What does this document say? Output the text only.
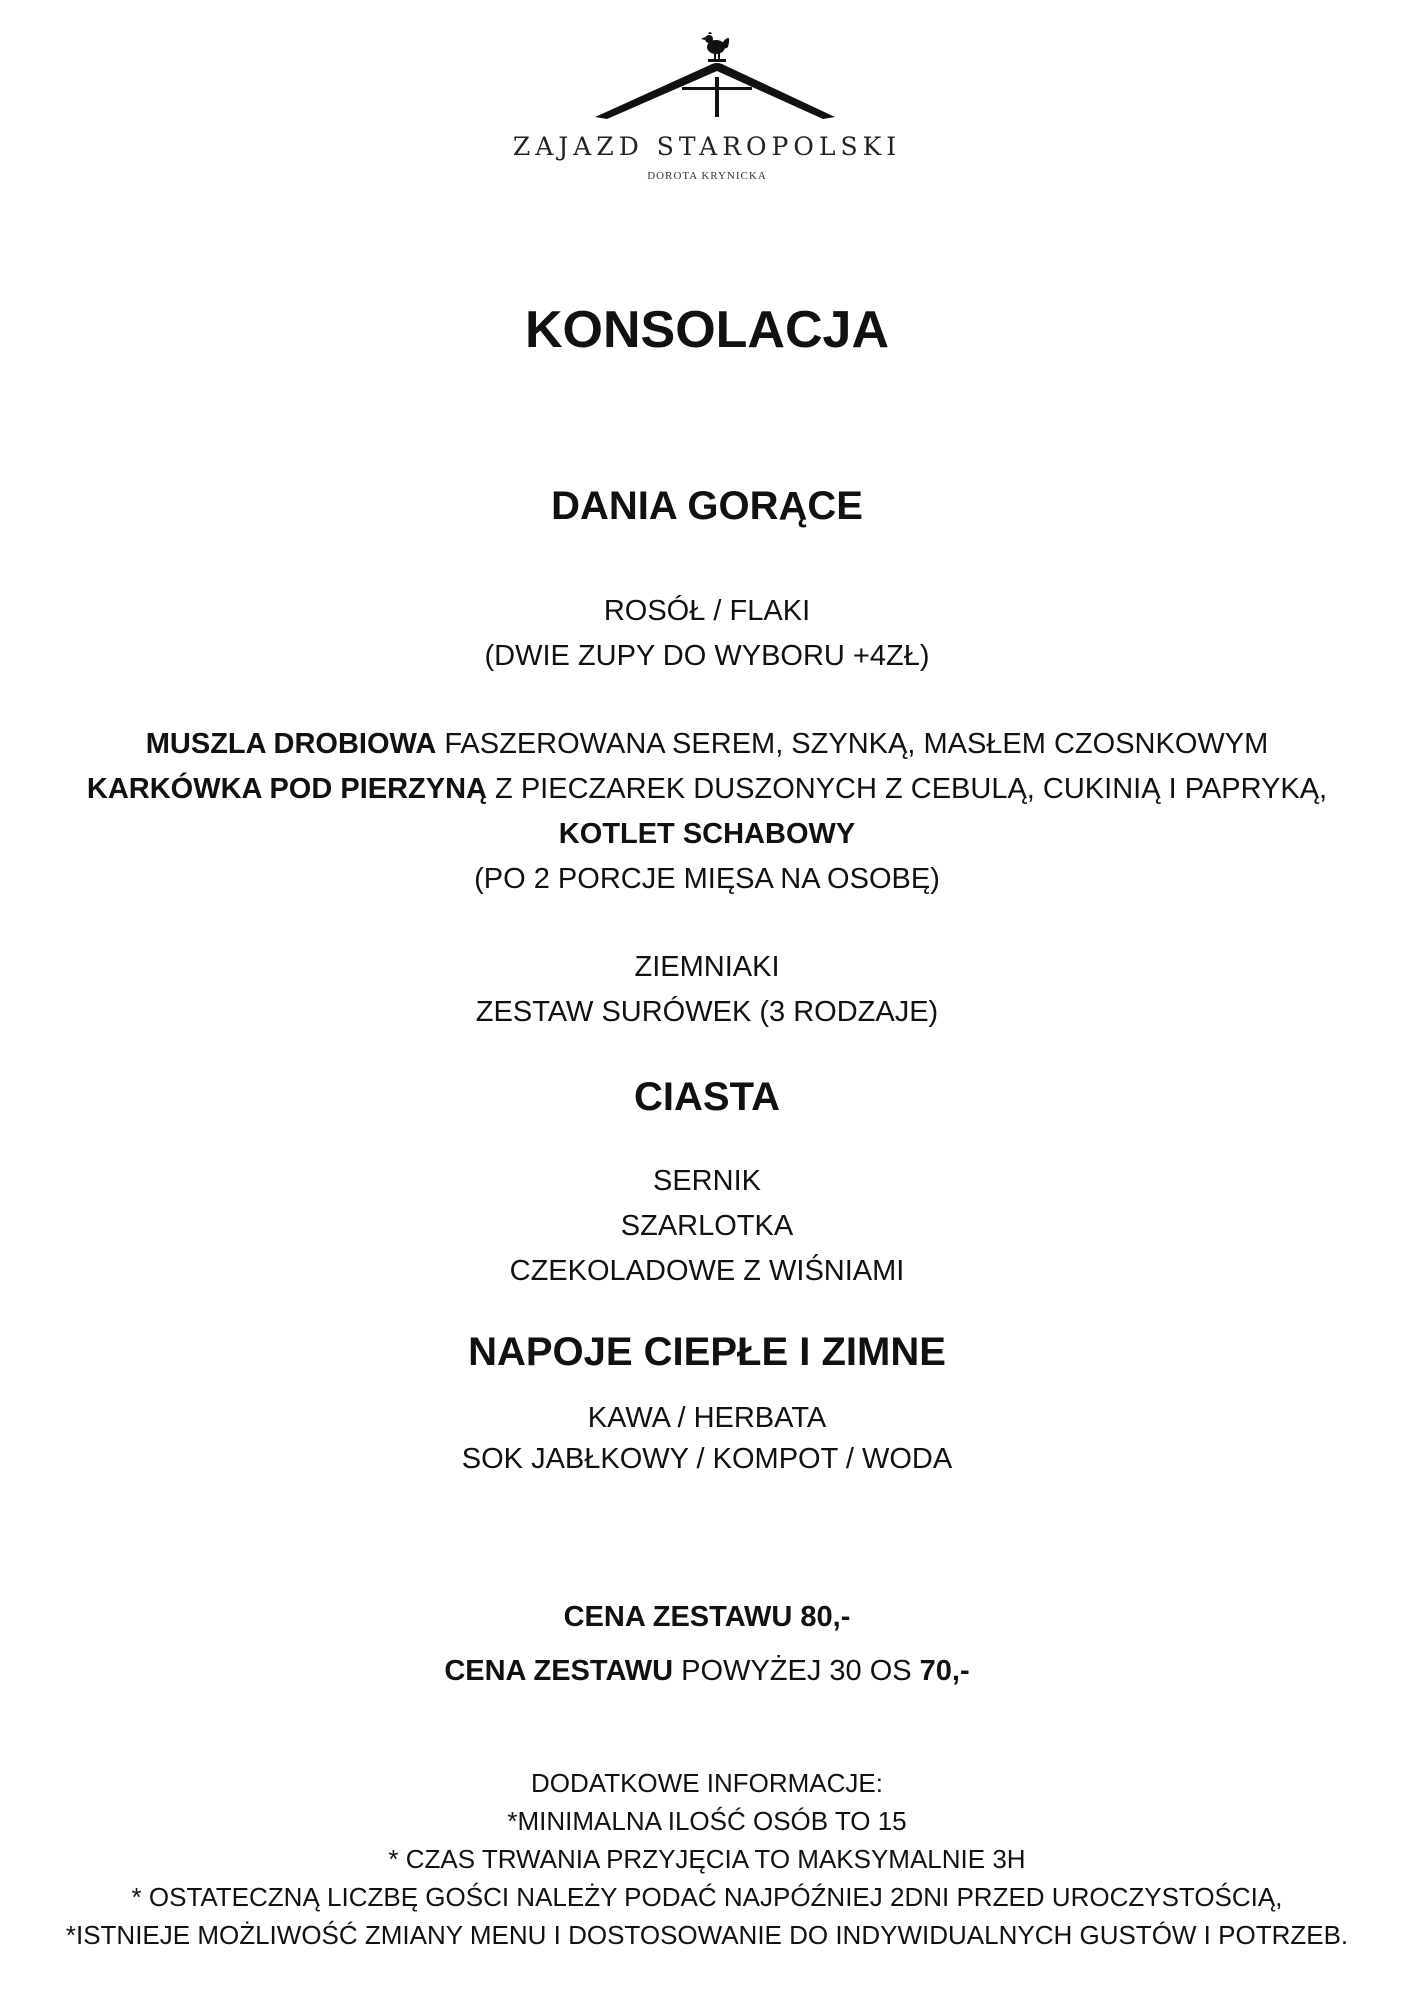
ZAJAZD STAROPOLSKI
DOROTA KRYNICKA
KONSOLACJA
DANIA GORĄCE
ROSÓŁ / FLAKI
(DWIE ZUPY DO WYBORU +4ZŁ)
MUSZLA DROBIOWA FASZEROWANA SEREM, SZYNKĄ, MASŁEM CZOSNKOWYM
KARKÓWKA POD PIERZYNĄ Z PIECZAREK DUSZONYCH Z CEBULĄ, CUKINIĄ I PAPRYKĄ,
KOTLET SCHABOWY
(PO 2 PORCJE MIĘSA NA OSOBĘ)
ZIEMNIAKI
ZESTAW SURÓWEK (3 RODZAJE)
CIASTA
SERNIK
SZARLOTKA
CZEKOLADOWE Z WIŚNIAMI
NAPOJE CIEPŁE I ZIMNE
KAWA / HERBATA
SOK JABŁKOWY / KOMPOT / WODA
CENA ZESTAWU 80,-
CENA ZESTAWU POWYŻEJ 30 OS 70,-
DODATKOWE INFORMACJE:
*MINIMALNA ILOŚĆ OSÓB TO 15
* CZAS TRWANIA PRZYJĘCIA TO MAKSYMALNIE 3H
* OSTATECZNĄ LICZBĘ GOŚCI NALEŻY PODAĆ NAJPÓŹNIEJ 2DNI PRZED UROCZYSTOŚCIĄ,
*ISTNIEJE MOŻLIWOŚĆ ZMIANY MENU I DOSTOSOWANIE DO INDYWIDUALNYCH GUSTÓW I POTRZEB.
